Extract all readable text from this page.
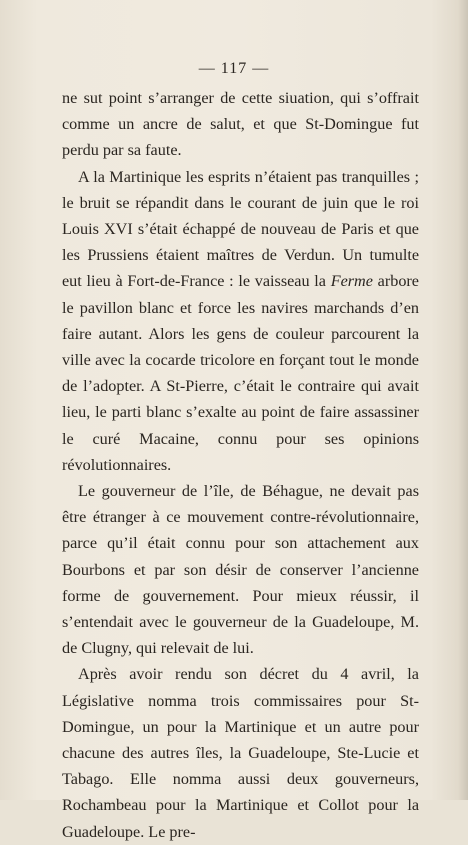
— 117 —

ne sut point s’arranger de cette siuation, qui s’offrait comme un ancre de salut, et que St-Domingue fut perdu par sa faute.

A la Martinique les esprits n’étaient pas tranquilles ; le bruit se répandit dans le courant de juin que le roi Louis XVI s’était échappé de nouveau de Paris et que les Prussiens étaient maîtres de Verdun. Un tumulte eut lieu à Fort-de-France : le vaisseau la Ferme arbore le pavillon blanc et force les navires marchands d’en faire autant. Alors les gens de couleur parcourent la ville avec la cocarde tricolore en forçant tout le monde de l’adopter. A St-Pierre, c’était le contraire qui avait lieu, le parti blanc s’exalte au point de faire assassiner le curé Macaine, connu pour ses opinions révolutionnaires.

Le gouverneur de l’île, de Béhague, ne devait pas être étranger à ce mouvement contre-révolutionnaire, parce qu’il était connu pour son attachement aux Bourbons et par son désir de conserver l’ancienne forme de gouvernement. Pour mieux réussir, il s’entendait avec le gouverneur de la Guadeloupe, M. de Clugny, qui relevait de lui.

Après avoir rendu son décret du 4 avril, la Législative nomma trois commissaires pour St-Domingue, un pour la Martinique et un autre pour chacune des autres îles, la Guadeloupe, Ste-Lucie et Tabago. Elle nomma aussi deux gouverneurs, Rochambeau pour la Martinique et Collot pour la Guadeloupe. Le pre-
